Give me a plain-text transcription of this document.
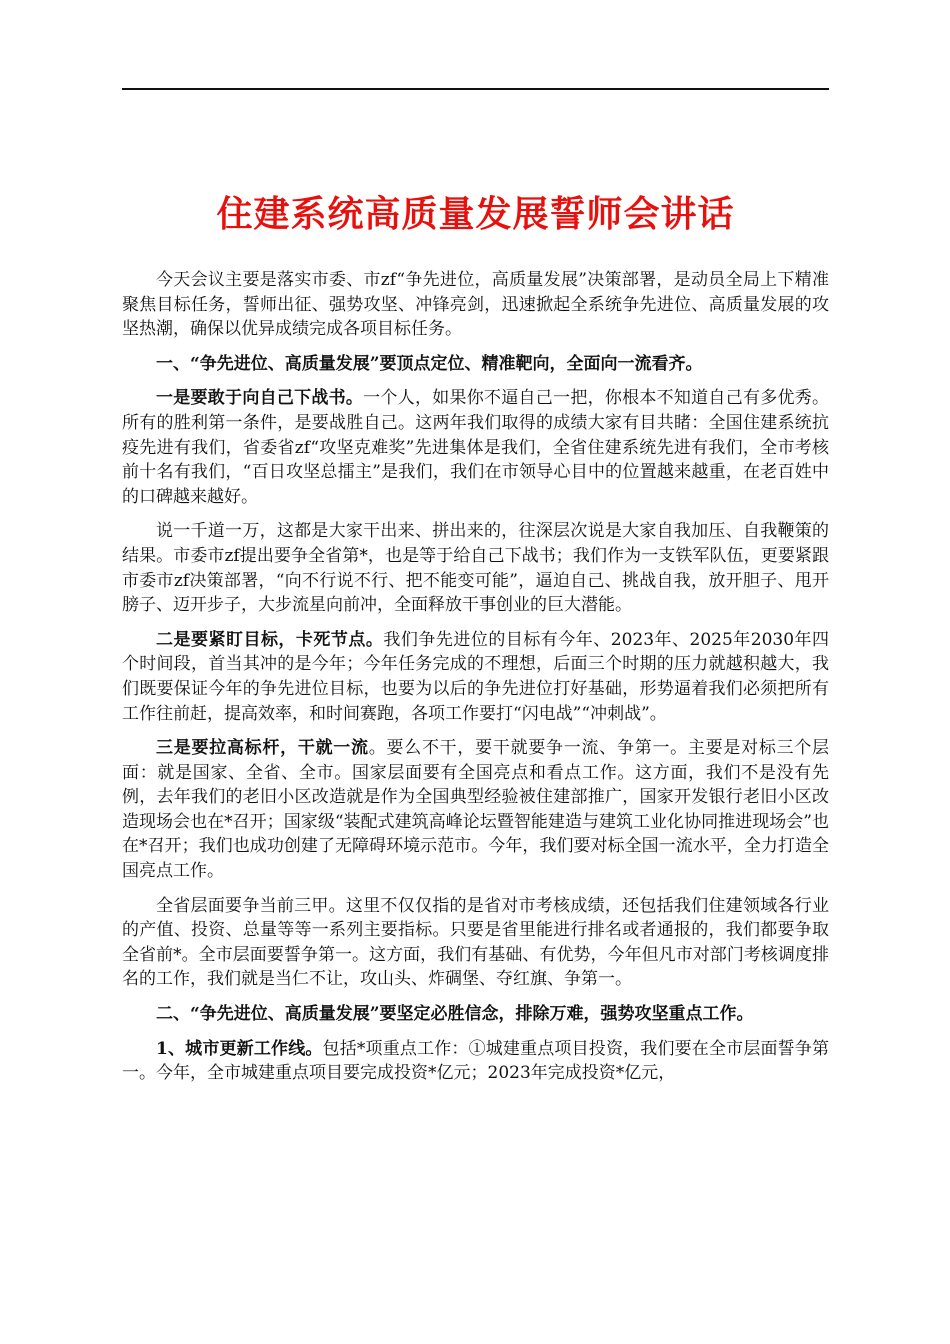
住建系统高质量发展誓师会讲话

今天会议主要是落实市委、市zf“争先进位，高质量发展”决策部署，是动员全局上下精准聚焦目标任务，誓师出征、强势攻坚、冲锋亮剑，迅速掀起全系统争先进位、高质量发展的攻坚热潮，确保以优异成绩完成各项目标任务。

一、“争先进位、高质量发展”要顶点定位、精准靶向，全面向一流看齐。

一是要敢于向自己下战书。一个人，如果你不逼自己一把，你根本不知道自己有多优秀。所有的胜利第一条件，是要战胜自己。这两年我们取得的成绩大家有目共睹：全国住建系统抗疫先进有我们，省委省zf“攻坚克难奖”先进集体是我们，全省住建系统先进有我们，全市考核前十名有我们，“百日攻坚总擂主”是我们，我们在市领导心目中的位置越来越重，在老百姓中的口碑越来越好。

说一千道一万，这都是大家干出来、拼出来的，往深层次说是大家自我加压、自我鞭策的结果。市委市zf提出要争全省第*，也是等于给自己下战书；我们作为一支铁军队伍，更要紧跟市委市zf决策部署，“向不行说不行、把不能变可能”，逼迫自己、挑战自我，放开胆子、甩开膀子、迈开步子，大步流星向前冲，全面释放干事创业的巨大潜能。

二是要紧盯目标，卡死节点。我们争先进位的目标有今年、2023年、2025年2030年四个时间段，首当其冲的是今年；今年任务完成的不理想，后面三个时期的压力就越积越大，我们既要保证今年的争先进位目标，也要为以后的争先进位打好基础，形势逼着我们必须把所有工作往前赶，提高效率，和时间赛跑，各项工作要打“闪电战”“冲刺战”。

三是要拉高标杆，干就一流。要么不干，要干就要争一流、争第一。主要是对标三个层面：就是国家、全省、全市。国家层面要有全国亮点和看点工作。这方面，我们不是没有先例，去年我们的老旧小区改造就是作为全国典型经验被住建部推广，国家开发银行老旧小区改造现场会也在*召开；国家级“装配式建筑高峰论坛暨智能建造与建筑工业化协同推进现场会”也在*召开；我们也成功创建了无障碍环境示范市。今年，我们要对标全国一流水平，全力打造全国亮点工作。

全省层面要争当前三甲。这里不仅仅指的是省对市考核成绩，还包括我们住建领域各行业的产值、投资、总量等等一系列主要指标。只要是省里能进行排名或者通报的，我们都要争取全省前*。全市层面要誓争第一。这方面，我们有基础、有优势，今年但凡市对部门考核调度排名的工作，我们就是当仁不让，攻山头、炸碉堡、夺红旗、争第一。

二、“争先进位、高质量发展”要坚定必胜信念，排除万难，强势攻坚重点工作。

1、城市更新工作线。包括*项重点工作：①城建重点项目投资，我们要在全市层面誓争第一。今年，全市城建重点项目要完成投资*亿元；2023年完成投资*亿元，
